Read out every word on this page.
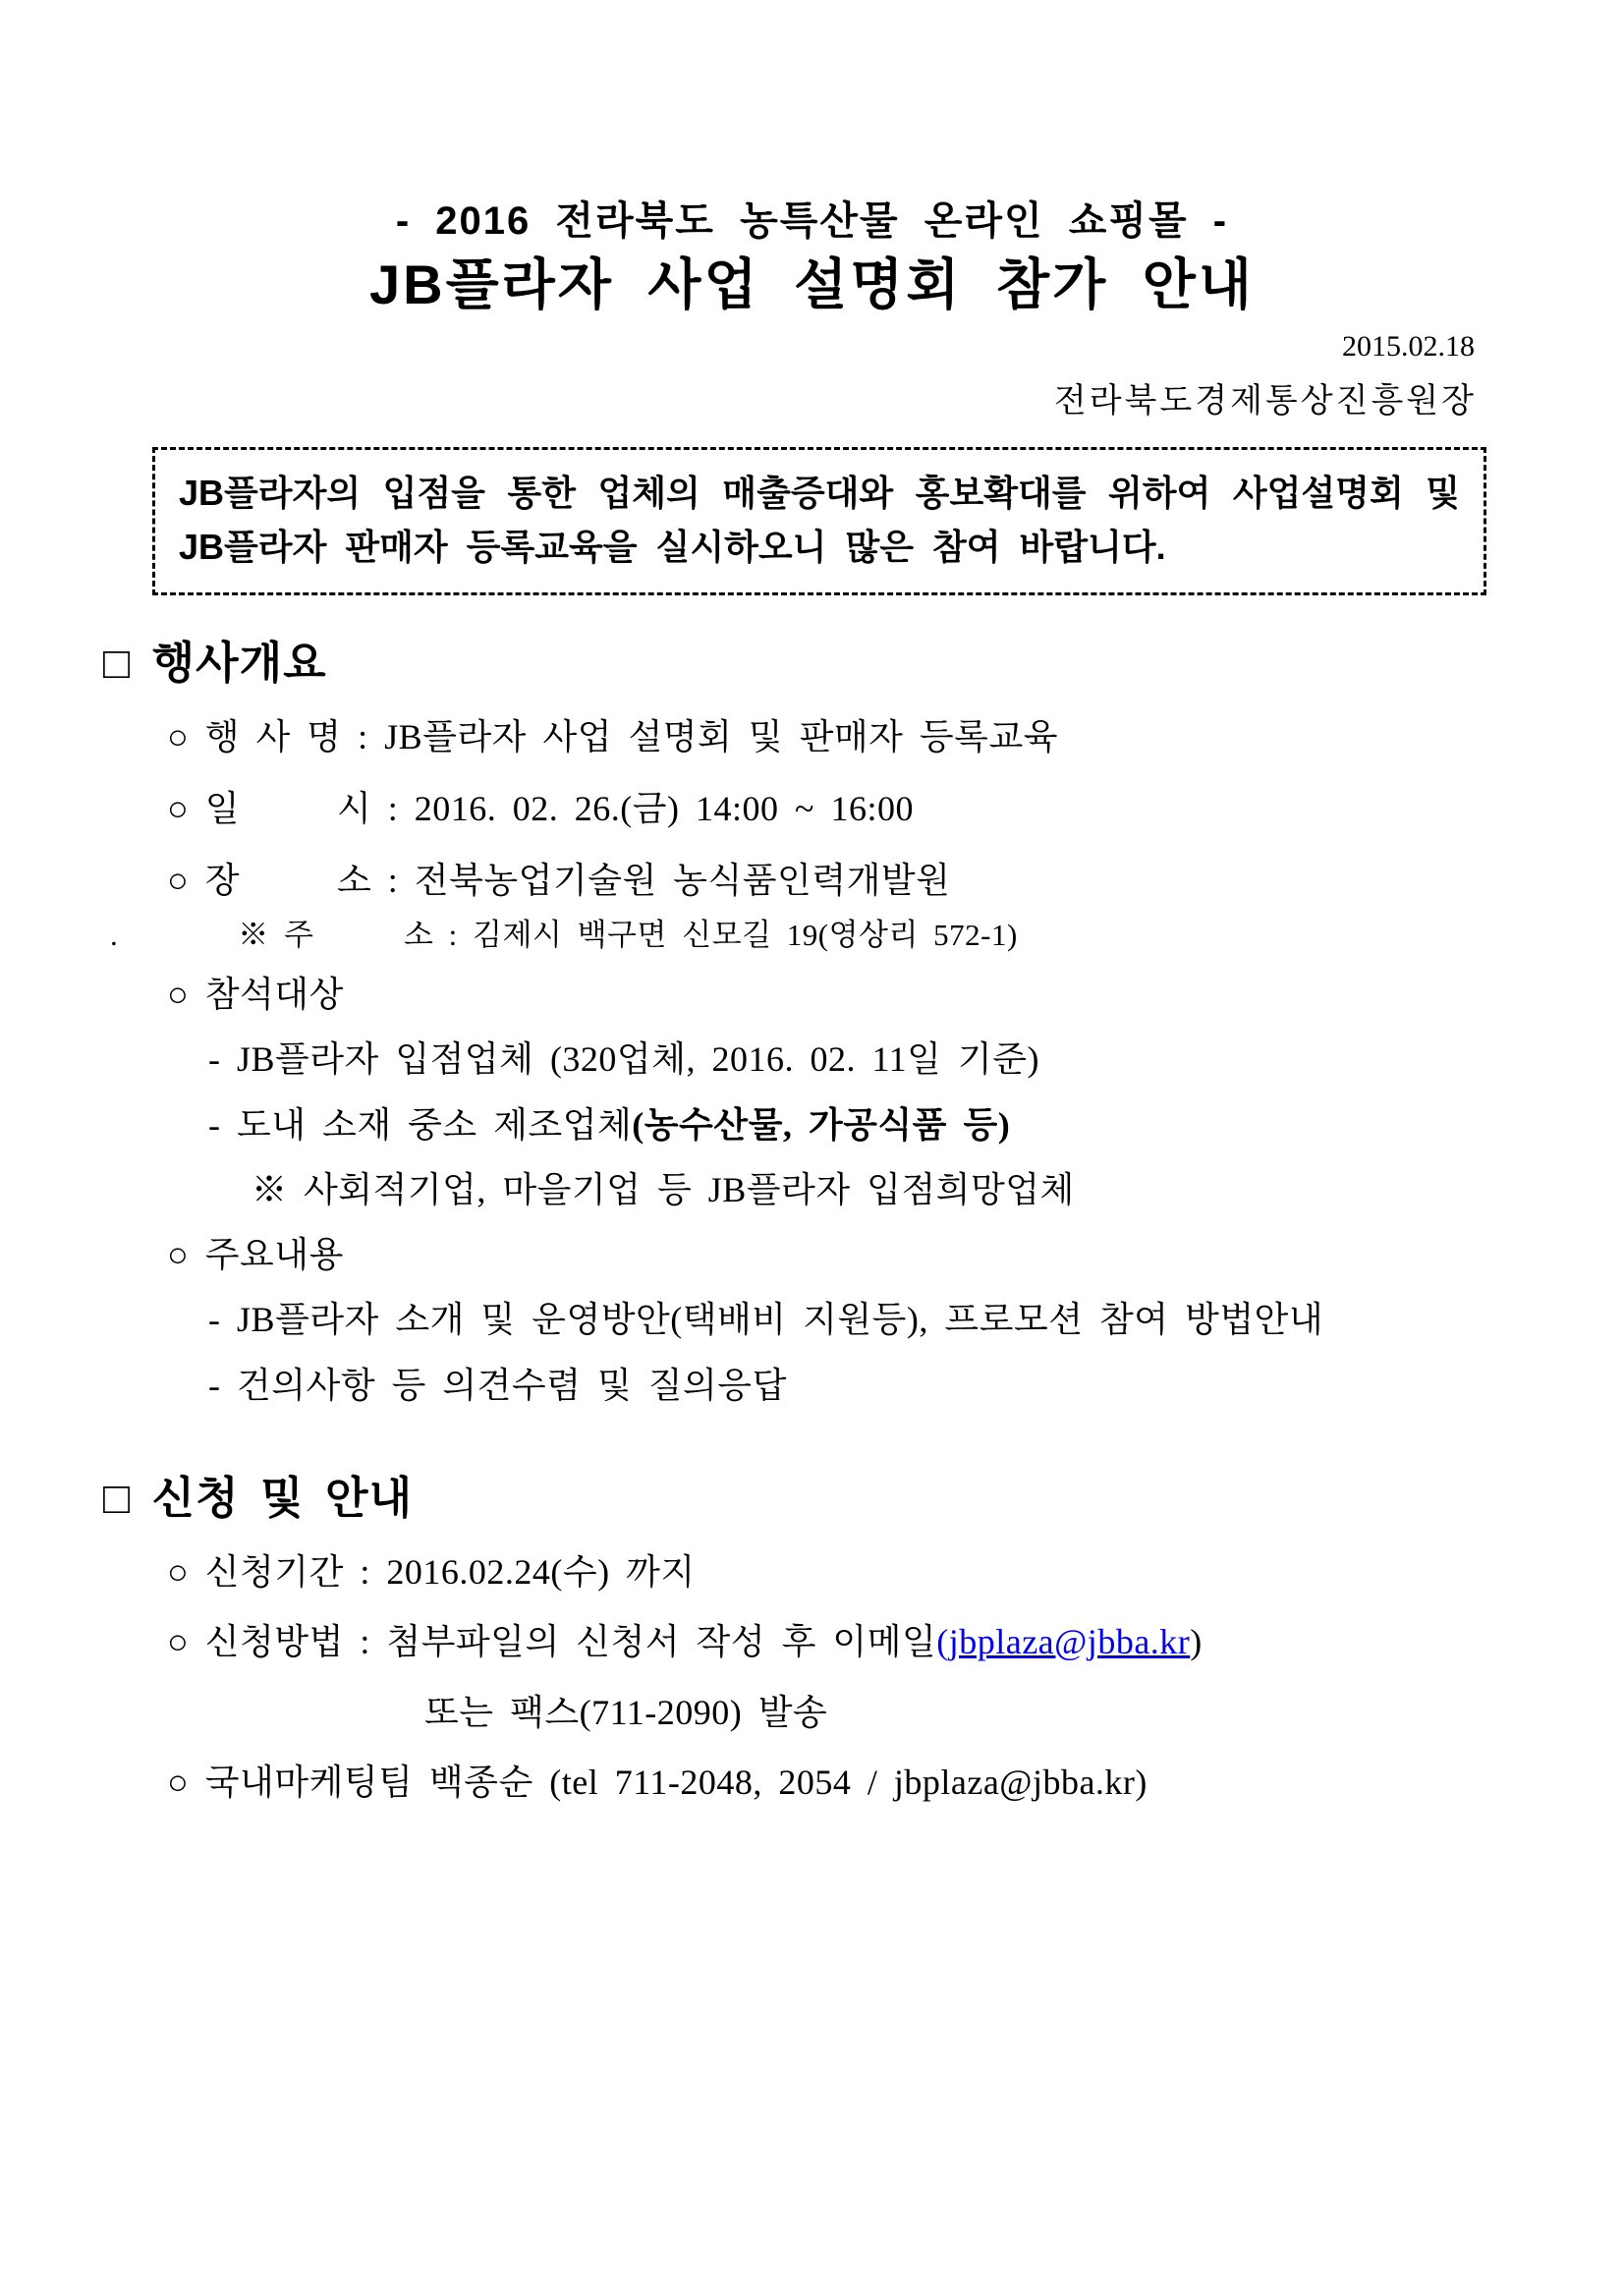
- 2016 전라북도 농특산물 온라인 쇼핑몰 -
JB플라자 사업 설명회 참가 안내
2015.02.18
전라북도경제통상진흥원장
JB플라자의 입점을 통한 업체의 매출증대와 홍보확대를 위하여 사업설명회 및 JB플라자 판매자 등록교육을 실시하오니 많은 참여 바랍니다.
□ 행사개요
○ 행 사 명 : JB플라자 사업 설명회 및 판매자 등록교육
○ 일      시 : 2016. 02. 26.(금) 14:00 ~ 16:00
○ 장      소 : 전북농업기술원 농식품인력개발원
.        ※ 주      소 : 김제시 백구면 신모길 19(영상리 572-1)
○ 참석대상
- JB플라자 입점업체 (320업체, 2016. 02. 11일 기준)
- 도내 소재 중소 제조업체(농수산물, 가공식품 등)
※ 사회적기업, 마을기업 등 JB플라자 입점희망업체
○ 주요내용
- JB플라자 소개 및 운영방안(택배비 지원등), 프로모션 참여 방법안내
- 건의사항 등 의견수렴 및 질의응답
□ 신청 및 안내
○ 신청기간 : 2016.02.24(수) 까지
○ 신청방법 : 첨부파일의 신청서 작성 후 이메일(jbplaza@jbba.kr)
또는 팩스(711-2090) 발송
○ 국내마케팅팀 백종순 (tel 711-2048, 2054 / jbplaza@jbba.kr)
